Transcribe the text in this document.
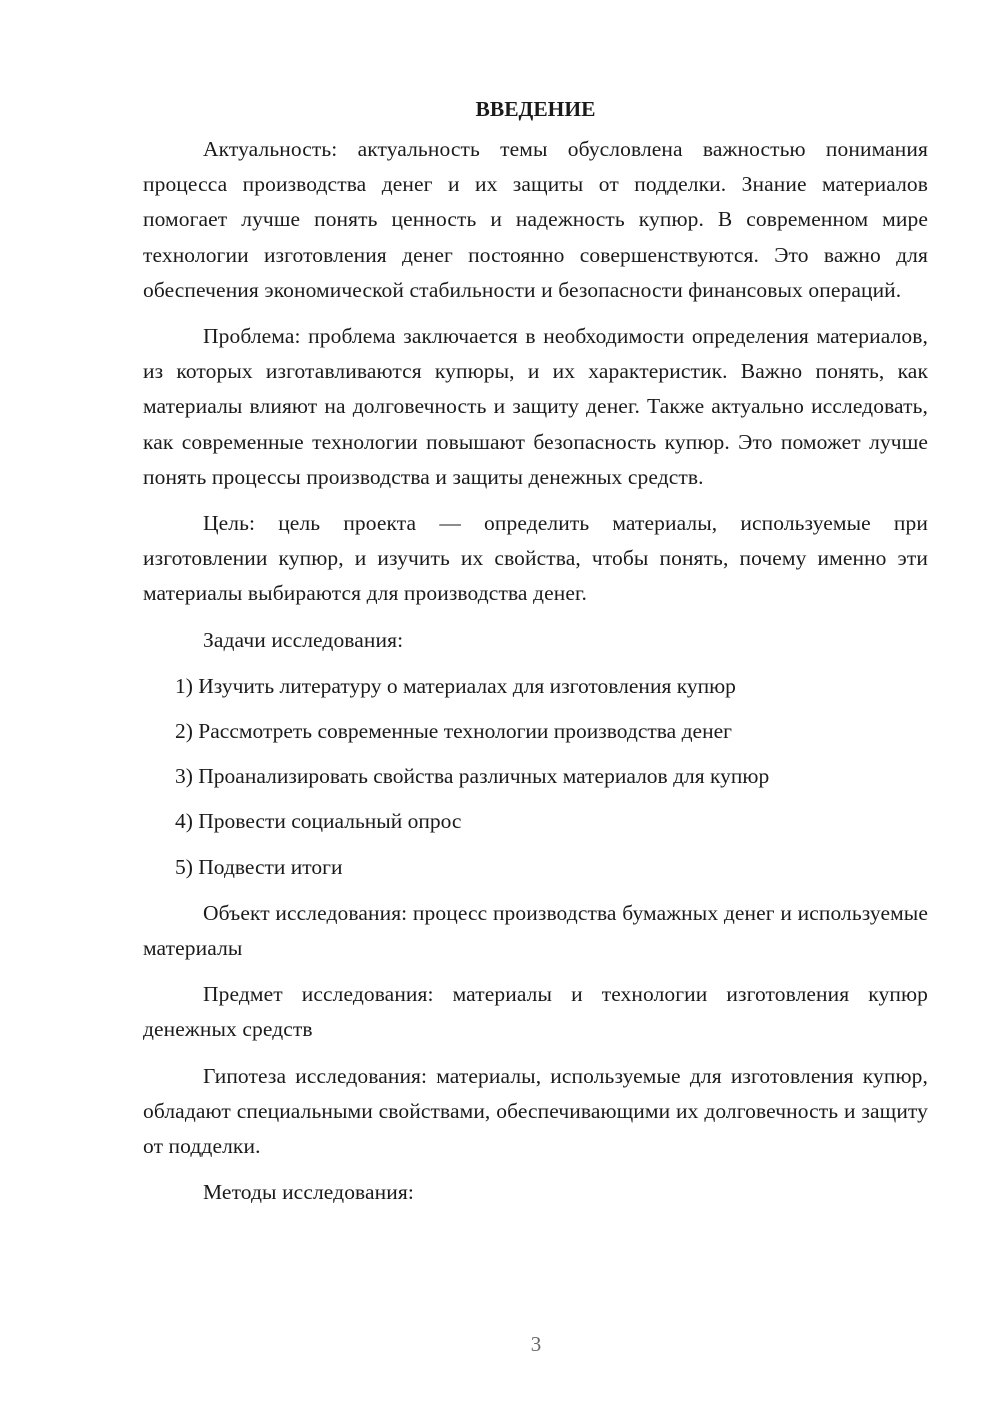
ВВЕДЕНИЕ

Актуальность: актуальность темы обусловлена важностью понимания процесса производства денег и их защиты от подделки. Знание материалов помогает лучше понять ценность и надежность купюр. В современном мире технологии изготовления денег постоянно совершенствуются. Это важно для обеспечения экономической стабильности и безопасности финансовых операций.

Проблема: проблема заключается в необходимости определения материалов, из которых изготавливаются купюры, и их характеристик. Важно понять, как материалы влияют на долговечность и защиту денег. Также актуально исследовать, как современные технологии повышают безопасность купюр. Это поможет лучше понять процессы производства и защиты денежных средств.

Цель: цель проекта — определить материалы, используемые при изготовлении купюр, и изучить их свойства, чтобы понять, почему именно эти материалы выбираются для производства денег.

Задачи исследования:

1) Изучить литературу о материалах для изготовления купюр
2) Рассмотреть современные технологии производства денег
3) Проанализировать свойства различных материалов для купюр
4) Провести социальный опрос
5) Подвести итоги

Объект исследования: процесс производства бумажных денег и используемые материалы

Предмет исследования: материалы и технологии изготовления купюр денежных средств

Гипотеза исследования: материалы, используемые для изготовления купюр, обладают специальными свойствами, обеспечивающими их долговечность и защиту от подделки.

Методы исследования:

3
